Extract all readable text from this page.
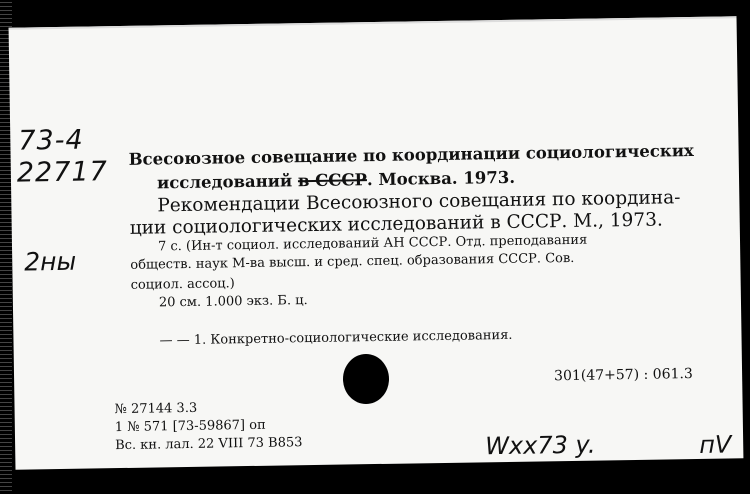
73-4
22717
2ны
Всесоюзное совещание по координации социологических
исследований в СССР. Москва. 1973.
Рекомендации Всесоюзного совещания по координа-
ции социологических исследований в СССР. М., 1973.
7 с. (Ин-т социол. исследований АН СССР. Отд. преподавания
обществ. наук М-ва высш. и сред. спец. образования СССР. Сов.
социол. ассоц.)
20 см. 1.000 экз. Б. ц.
— — 1. Конкретно-социологические исследования.
301(47+57) : 061.3
№ 27144 3.3
1 № 571 [73-59867] оп
Вс. кн. лал. 22 VIII 73 В853	Wxx73 y.	пV
